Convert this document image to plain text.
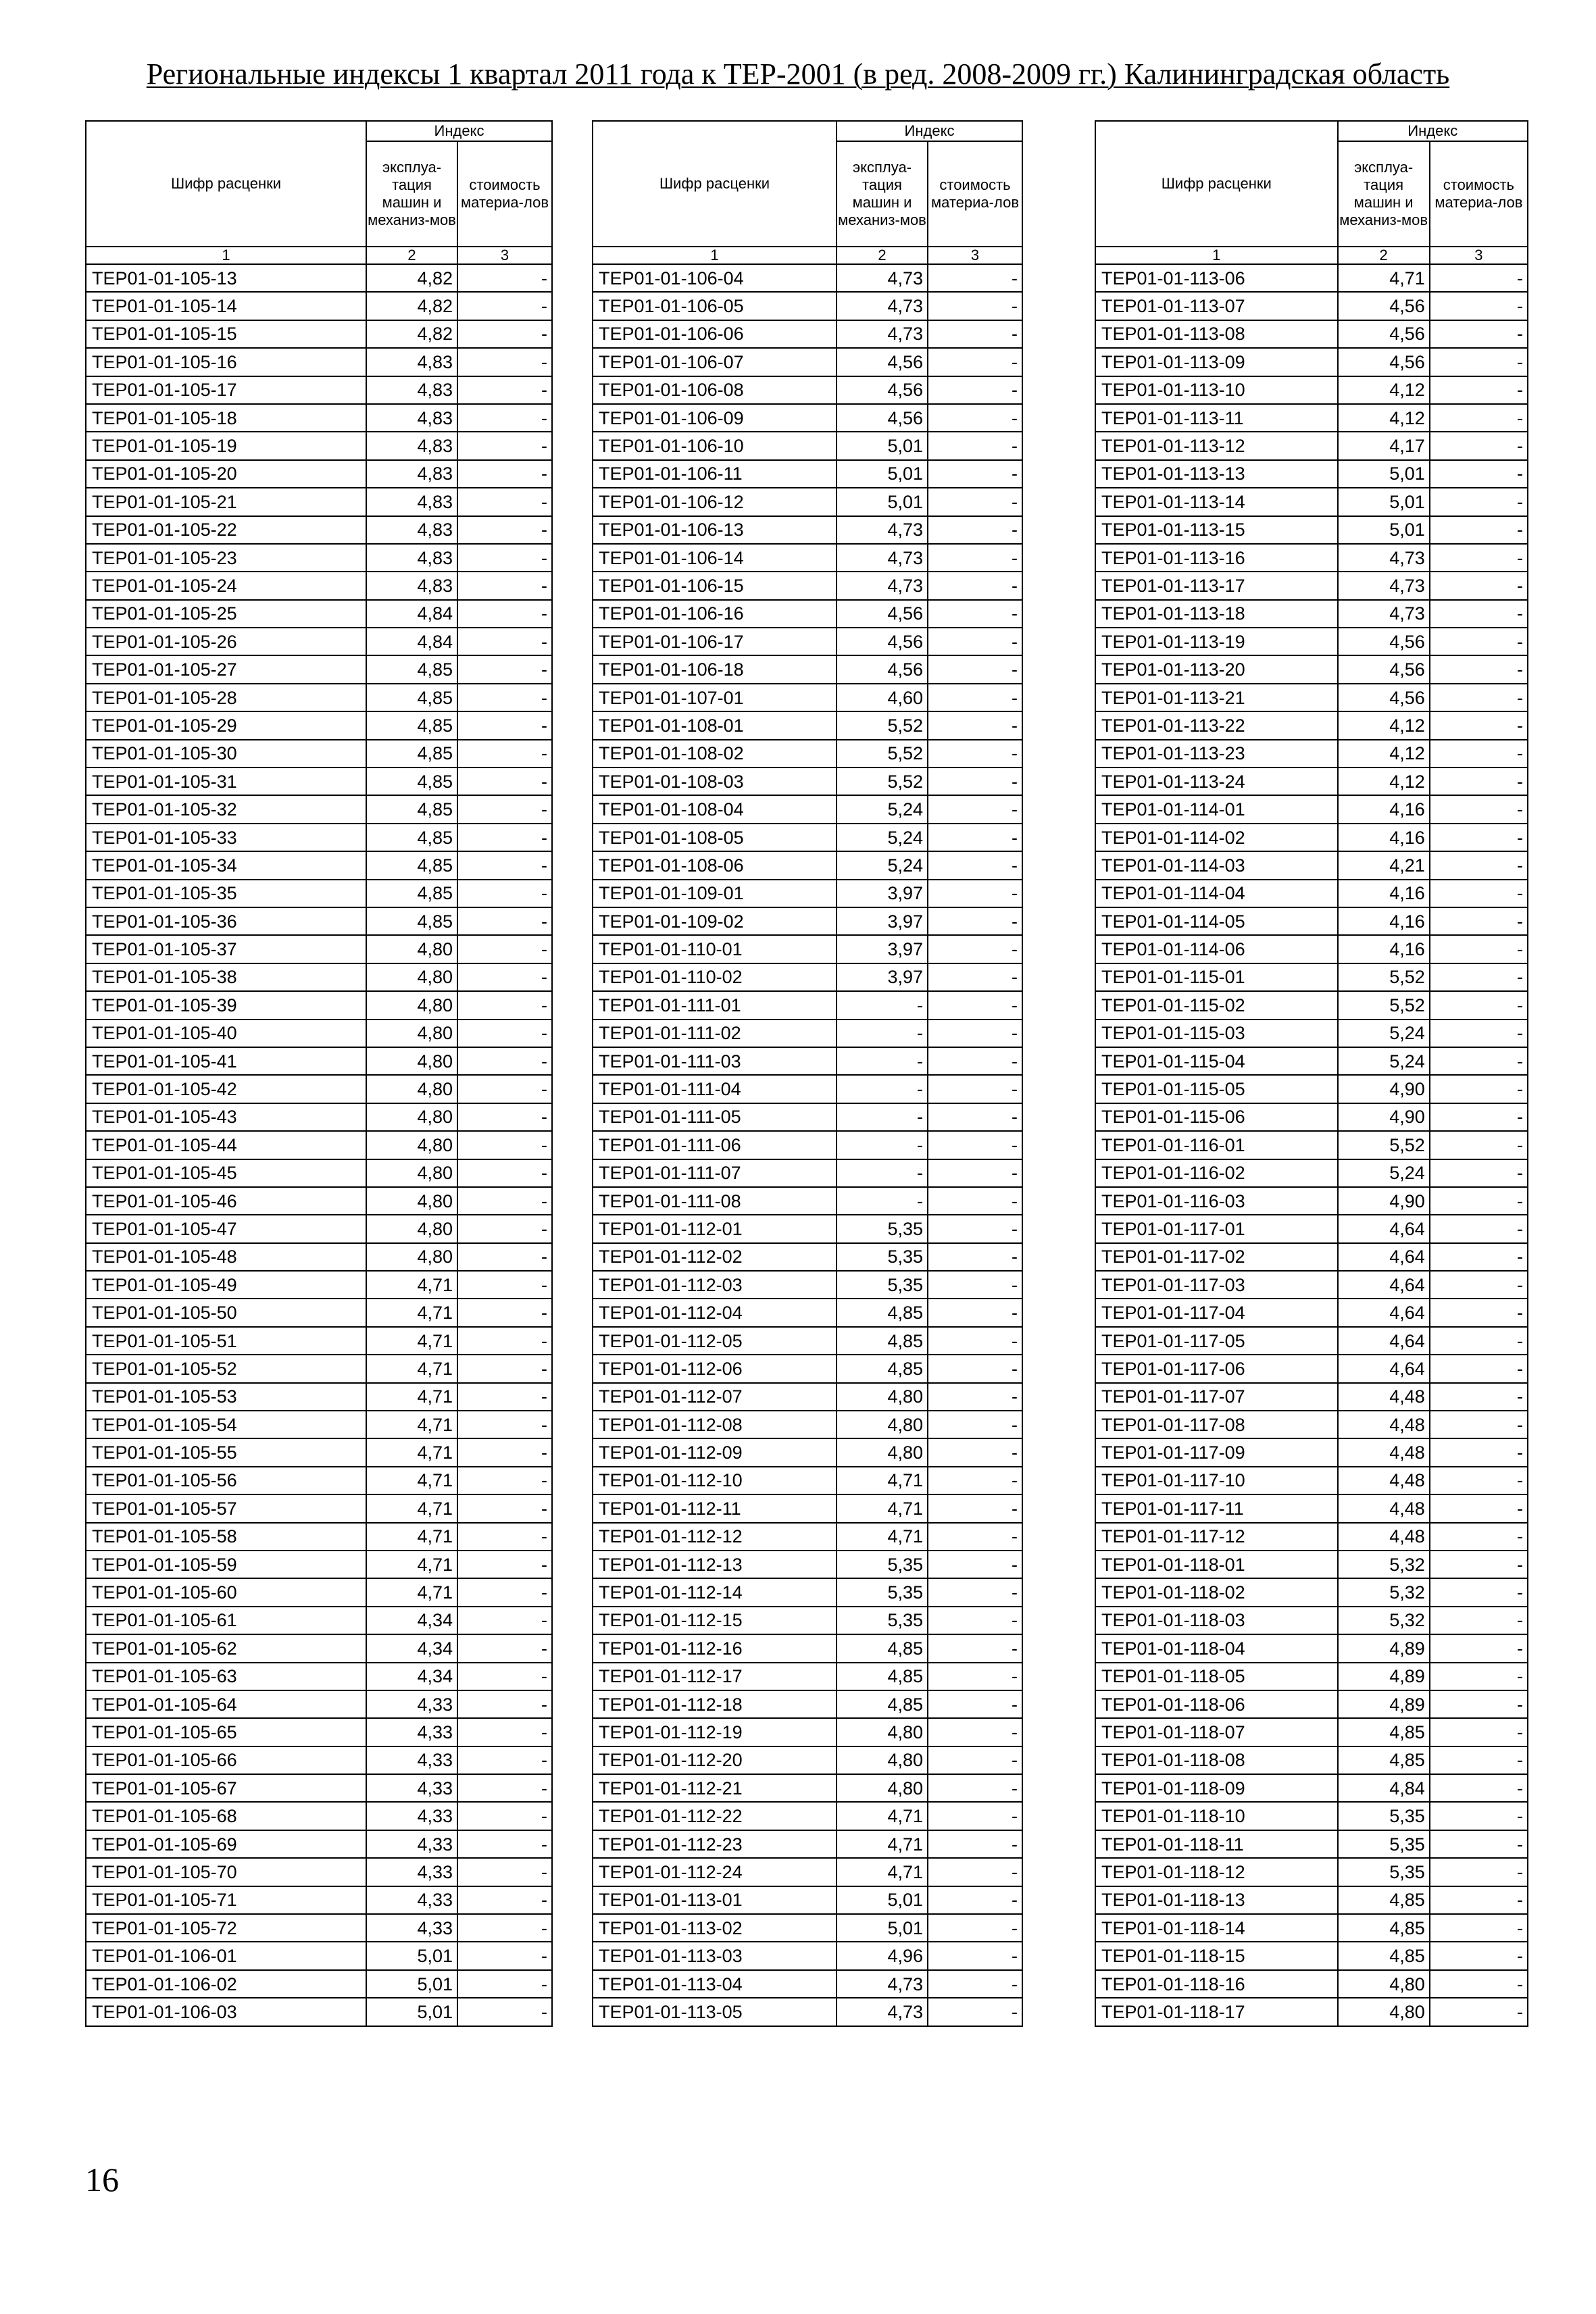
Региональные индексы 1 квартал 2011 года к ТЕР-2001 (в ред. 2008-2009 гг.) Калининградская область
Шифр расценки	Индекс	
	эксплуа-тация машин и механиз-мов	стоимость материа-лов
1	2	3
ТЕР01-01-105-13	4,82	-
ТЕР01-01-105-14	4,82	-
ТЕР01-01-105-15	4,82	-
ТЕР01-01-105-16	4,83	-
ТЕР01-01-105-17	4,83	-
ТЕР01-01-105-18	4,83	-
ТЕР01-01-105-19	4,83	-
ТЕР01-01-105-20	4,83	-
ТЕР01-01-105-21	4,83	-
ТЕР01-01-105-22	4,83	-
ТЕР01-01-105-23	4,83	-
ТЕР01-01-105-24	4,83	-
ТЕР01-01-105-25	4,84	-
ТЕР01-01-105-26	4,84	-
ТЕР01-01-105-27	4,85	-
ТЕР01-01-105-28	4,85	-
ТЕР01-01-105-29	4,85	-
ТЕР01-01-105-30	4,85	-
ТЕР01-01-105-31	4,85	-
ТЕР01-01-105-32	4,85	-
ТЕР01-01-105-33	4,85	-
ТЕР01-01-105-34	4,85	-
ТЕР01-01-105-35	4,85	-
ТЕР01-01-105-36	4,85	-
ТЕР01-01-105-37	4,80	-
ТЕР01-01-105-38	4,80	-
ТЕР01-01-105-39	4,80	-
ТЕР01-01-105-40	4,80	-
ТЕР01-01-105-41	4,80	-
ТЕР01-01-105-42	4,80	-
ТЕР01-01-105-43	4,80	-
ТЕР01-01-105-44	4,80	-
ТЕР01-01-105-45	4,80	-
ТЕР01-01-105-46	4,80	-
ТЕР01-01-105-47	4,80	-
ТЕР01-01-105-48	4,80	-
ТЕР01-01-105-49	4,71	-
ТЕР01-01-105-50	4,71	-
ТЕР01-01-105-51	4,71	-
ТЕР01-01-105-52	4,71	-
ТЕР01-01-105-53	4,71	-
ТЕР01-01-105-54	4,71	-
ТЕР01-01-105-55	4,71	-
ТЕР01-01-105-56	4,71	-
ТЕР01-01-105-57	4,71	-
ТЕР01-01-105-58	4,71	-
ТЕР01-01-105-59	4,71	-
ТЕР01-01-105-60	4,71	-
ТЕР01-01-105-61	4,34	-
ТЕР01-01-105-62	4,34	-
ТЕР01-01-105-63	4,34	-
ТЕР01-01-105-64	4,33	-
ТЕР01-01-105-65	4,33	-
ТЕР01-01-105-66	4,33	-
ТЕР01-01-105-67	4,33	-
ТЕР01-01-105-68	4,33	-
ТЕР01-01-105-69	4,33	-
ТЕР01-01-105-70	4,33	-
ТЕР01-01-105-71	4,33	-
ТЕР01-01-105-72	4,33	-
ТЕР01-01-106-01	5,01	-
ТЕР01-01-106-02	5,01	-
ТЕР01-01-106-03	5,01	-
Шифр расценки	Индекс	
	эксплуа-тация машин и механиз-мов	стоимость материа-лов
1	2	3
ТЕР01-01-106-04	4,73	-
ТЕР01-01-106-05	4,73	-
ТЕР01-01-106-06	4,73	-
ТЕР01-01-106-07	4,56	-
ТЕР01-01-106-08	4,56	-
ТЕР01-01-106-09	4,56	-
ТЕР01-01-106-10	5,01	-
ТЕР01-01-106-11	5,01	-
ТЕР01-01-106-12	5,01	-
ТЕР01-01-106-13	4,73	-
ТЕР01-01-106-14	4,73	-
ТЕР01-01-106-15	4,73	-
ТЕР01-01-106-16	4,56	-
ТЕР01-01-106-17	4,56	-
ТЕР01-01-106-18	4,56	-
ТЕР01-01-107-01	4,60	-
ТЕР01-01-108-01	5,52	-
ТЕР01-01-108-02	5,52	-
ТЕР01-01-108-03	5,52	-
ТЕР01-01-108-04	5,24	-
ТЕР01-01-108-05	5,24	-
ТЕР01-01-108-06	5,24	-
ТЕР01-01-109-01	3,97	-
ТЕР01-01-109-02	3,97	-
ТЕР01-01-110-01	3,97	-
ТЕР01-01-110-02	3,97	-
ТЕР01-01-111-01	-	-
ТЕР01-01-111-02	-	-
ТЕР01-01-111-03	-	-
ТЕР01-01-111-04	-	-
ТЕР01-01-111-05	-	-
ТЕР01-01-111-06	-	-
ТЕР01-01-111-07	-	-
ТЕР01-01-111-08	-	-
ТЕР01-01-112-01	5,35	-
ТЕР01-01-112-02	5,35	-
ТЕР01-01-112-03	5,35	-
ТЕР01-01-112-04	4,85	-
ТЕР01-01-112-05	4,85	-
ТЕР01-01-112-06	4,85	-
ТЕР01-01-112-07	4,80	-
ТЕР01-01-112-08	4,80	-
ТЕР01-01-112-09	4,80	-
ТЕР01-01-112-10	4,71	-
ТЕР01-01-112-11	4,71	-
ТЕР01-01-112-12	4,71	-
ТЕР01-01-112-13	5,35	-
ТЕР01-01-112-14	5,35	-
ТЕР01-01-112-15	5,35	-
ТЕР01-01-112-16	4,85	-
ТЕР01-01-112-17	4,85	-
ТЕР01-01-112-18	4,85	-
ТЕР01-01-112-19	4,80	-
ТЕР01-01-112-20	4,80	-
ТЕР01-01-112-21	4,80	-
ТЕР01-01-112-22	4,71	-
ТЕР01-01-112-23	4,71	-
ТЕР01-01-112-24	4,71	-
ТЕР01-01-113-01	5,01	-
ТЕР01-01-113-02	5,01	-
ТЕР01-01-113-03	4,96	-
ТЕР01-01-113-04	4,73	-
ТЕР01-01-113-05	4,73	-
Шифр расценки	Индекс	
	эксплуа-тация машин и механиз-мов	стоимость материа-лов
1	2	3
ТЕР01-01-113-06	4,71	-
ТЕР01-01-113-07	4,56	-
ТЕР01-01-113-08	4,56	-
ТЕР01-01-113-09	4,56	-
ТЕР01-01-113-10	4,12	-
ТЕР01-01-113-11	4,12	-
ТЕР01-01-113-12	4,17	-
ТЕР01-01-113-13	5,01	-
ТЕР01-01-113-14	5,01	-
ТЕР01-01-113-15	5,01	-
ТЕР01-01-113-16	4,73	-
ТЕР01-01-113-17	4,73	-
ТЕР01-01-113-18	4,73	-
ТЕР01-01-113-19	4,56	-
ТЕР01-01-113-20	4,56	-
ТЕР01-01-113-21	4,56	-
ТЕР01-01-113-22	4,12	-
ТЕР01-01-113-23	4,12	-
ТЕР01-01-113-24	4,12	-
ТЕР01-01-114-01	4,16	-
ТЕР01-01-114-02	4,16	-
ТЕР01-01-114-03	4,21	-
ТЕР01-01-114-04	4,16	-
ТЕР01-01-114-05	4,16	-
ТЕР01-01-114-06	4,16	-
ТЕР01-01-115-01	5,52	-
ТЕР01-01-115-02	5,52	-
ТЕР01-01-115-03	5,24	-
ТЕР01-01-115-04	5,24	-
ТЕР01-01-115-05	4,90	-
ТЕР01-01-115-06	4,90	-
ТЕР01-01-116-01	5,52	-
ТЕР01-01-116-02	5,24	-
ТЕР01-01-116-03	4,90	-
ТЕР01-01-117-01	4,64	-
ТЕР01-01-117-02	4,64	-
ТЕР01-01-117-03	4,64	-
ТЕР01-01-117-04	4,64	-
ТЕР01-01-117-05	4,64	-
ТЕР01-01-117-06	4,64	-
ТЕР01-01-117-07	4,48	-
ТЕР01-01-117-08	4,48	-
ТЕР01-01-117-09	4,48	-
ТЕР01-01-117-10	4,48	-
ТЕР01-01-117-11	4,48	-
ТЕР01-01-117-12	4,48	-
ТЕР01-01-118-01	5,32	-
ТЕР01-01-118-02	5,32	-
ТЕР01-01-118-03	5,32	-
ТЕР01-01-118-04	4,89	-
ТЕР01-01-118-05	4,89	-
ТЕР01-01-118-06	4,89	-
ТЕР01-01-118-07	4,85	-
ТЕР01-01-118-08	4,85	-
ТЕР01-01-118-09	4,84	-
ТЕР01-01-118-10	5,35	-
ТЕР01-01-118-11	5,35	-
ТЕР01-01-118-12	5,35	-
ТЕР01-01-118-13	4,85	-
ТЕР01-01-118-14	4,85	-
ТЕР01-01-118-15	4,85	-
ТЕР01-01-118-16	4,80	-
ТЕР01-01-118-17	4,80	-
16
